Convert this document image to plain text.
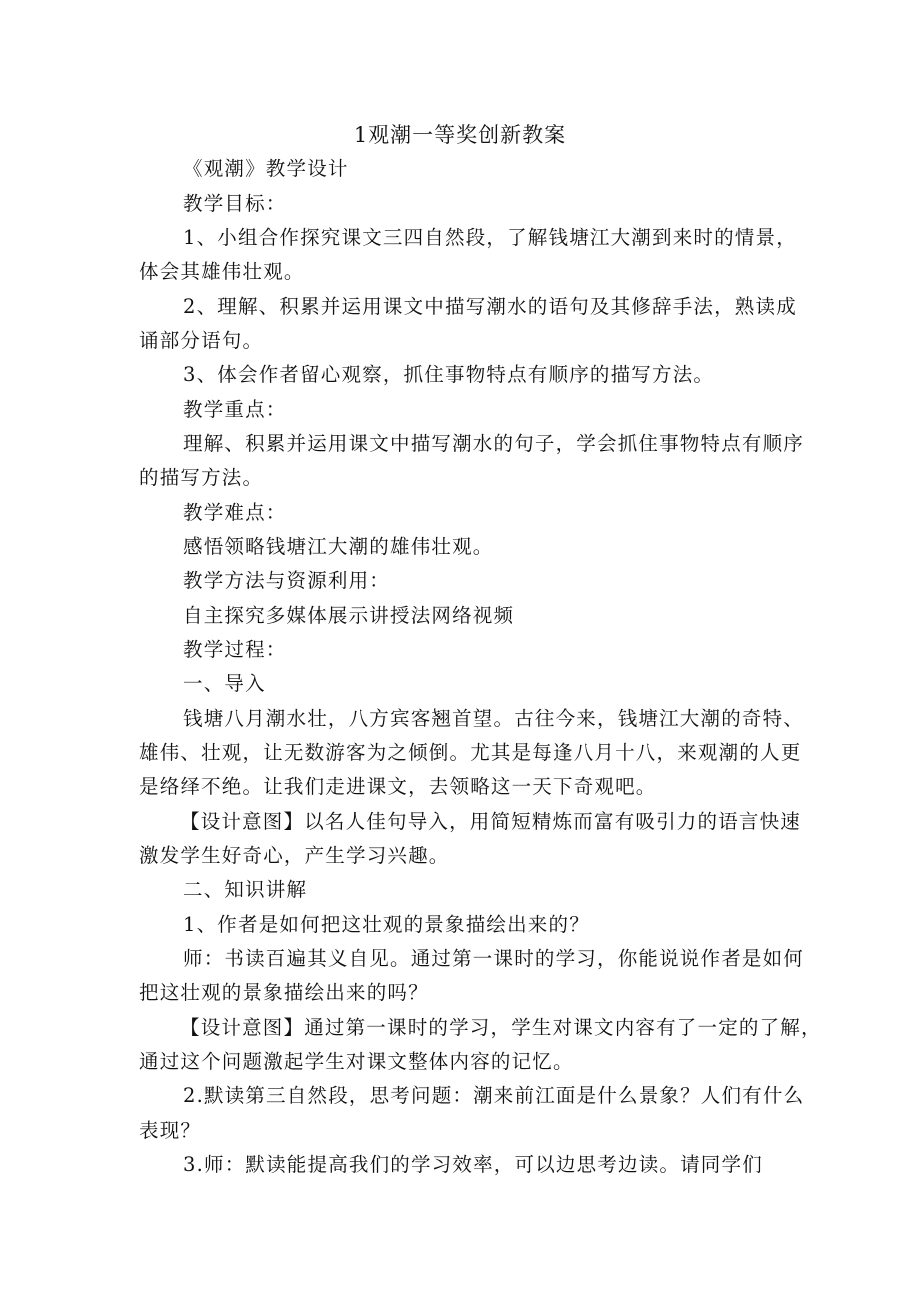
1观潮一等奖创新教案
《观潮》教学设计
教学目标：
1、小组合作探究课文三四自然段，了解钱塘江大潮到来时的情景，
体会其雄伟壮观。
2、理解、积累并运用课文中描写潮水的语句及其修辞手法，熟读成
诵部分语句。
3、体会作者留心观察，抓住事物特点有顺序的描写方法。
教学重点：
理解、积累并运用课文中描写潮水的句子，学会抓住事物特点有顺序
的描写方法。
教学难点：
感悟领略钱塘江大潮的雄伟壮观。
教学方法与资源利用：
自主探究多媒体展示讲授法网络视频
教学过程：
一、导入
钱塘八月潮水壮，八方宾客翘首望。古往今来，钱塘江大潮的奇特、
雄伟、壮观，让无数游客为之倾倒。尤其是每逢八月十八，来观潮的人更
是络绎不绝。让我们走进课文，去领略这一天下奇观吧。
【设计意图】以名人佳句导入，用简短精炼而富有吸引力的语言快速
激发学生好奇心，产生学习兴趣。
二、知识讲解
1、作者是如何把这壮观的景象描绘出来的？
师：书读百遍其义自见。通过第一课时的学习，你能说说作者是如何
把这壮观的景象描绘出来的吗？
【设计意图】通过第一课时的学习，学生对课文内容有了一定的了解，
通过这个问题激起学生对课文整体内容的记忆。
2.默读第三自然段，思考问题：潮来前江面是什么景象？人们有什么
表现？
3.师：默读能提高我们的学习效率，可以边思考边读。请同学们
